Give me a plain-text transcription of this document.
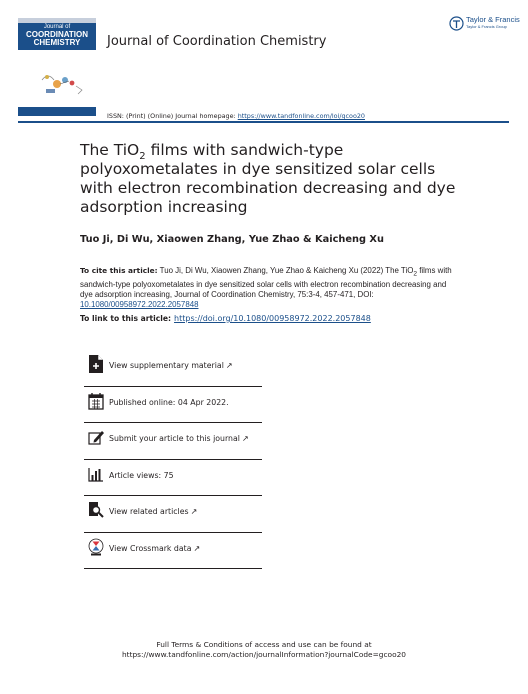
Journal of
COORDINATION
CHEMISTRY	Journal of Coordination Chemistry
Taylor & Francis
Taylor & Francis Group
ISSN: (Print) (Online) Journal homepage: https://www.tandfonline.com/loi/gcoo20
The TiO$_2$ films with sandwich-type polyoxometalates in dye sensitized solar cells with electron recombination decreasing and dye adsorption increasing
Tuo Ji, Di Wu, Xiaowen Zhang, Yue Zhao & Kaicheng Xu
To cite this article: Tuo Ji, Di Wu, Xiaowen Zhang, Yue Zhao & Kaicheng Xu (2022) The TiO$_2$ films with sandwich-type polyoxometalates in dye sensitized solar cells with electron recombination decreasing and dye adsorption increasing, Journal of Coordination Chemistry, 75:3-4, 457-471, DOI: 10.1080/00958972.2022.2057848
To link to this article: https://doi.org/10.1080/00958972.2022.2057848
View supplementary material ↗
Published online: 04 Apr 2022.
Submit your article to this journal ↗
Article views: 75
View related articles ↗
View Crossmark data ↗
Full Terms & Conditions of access and use can be found at
https://www.tandfonline.com/action/journalInformation?journalCode=gcoo20
